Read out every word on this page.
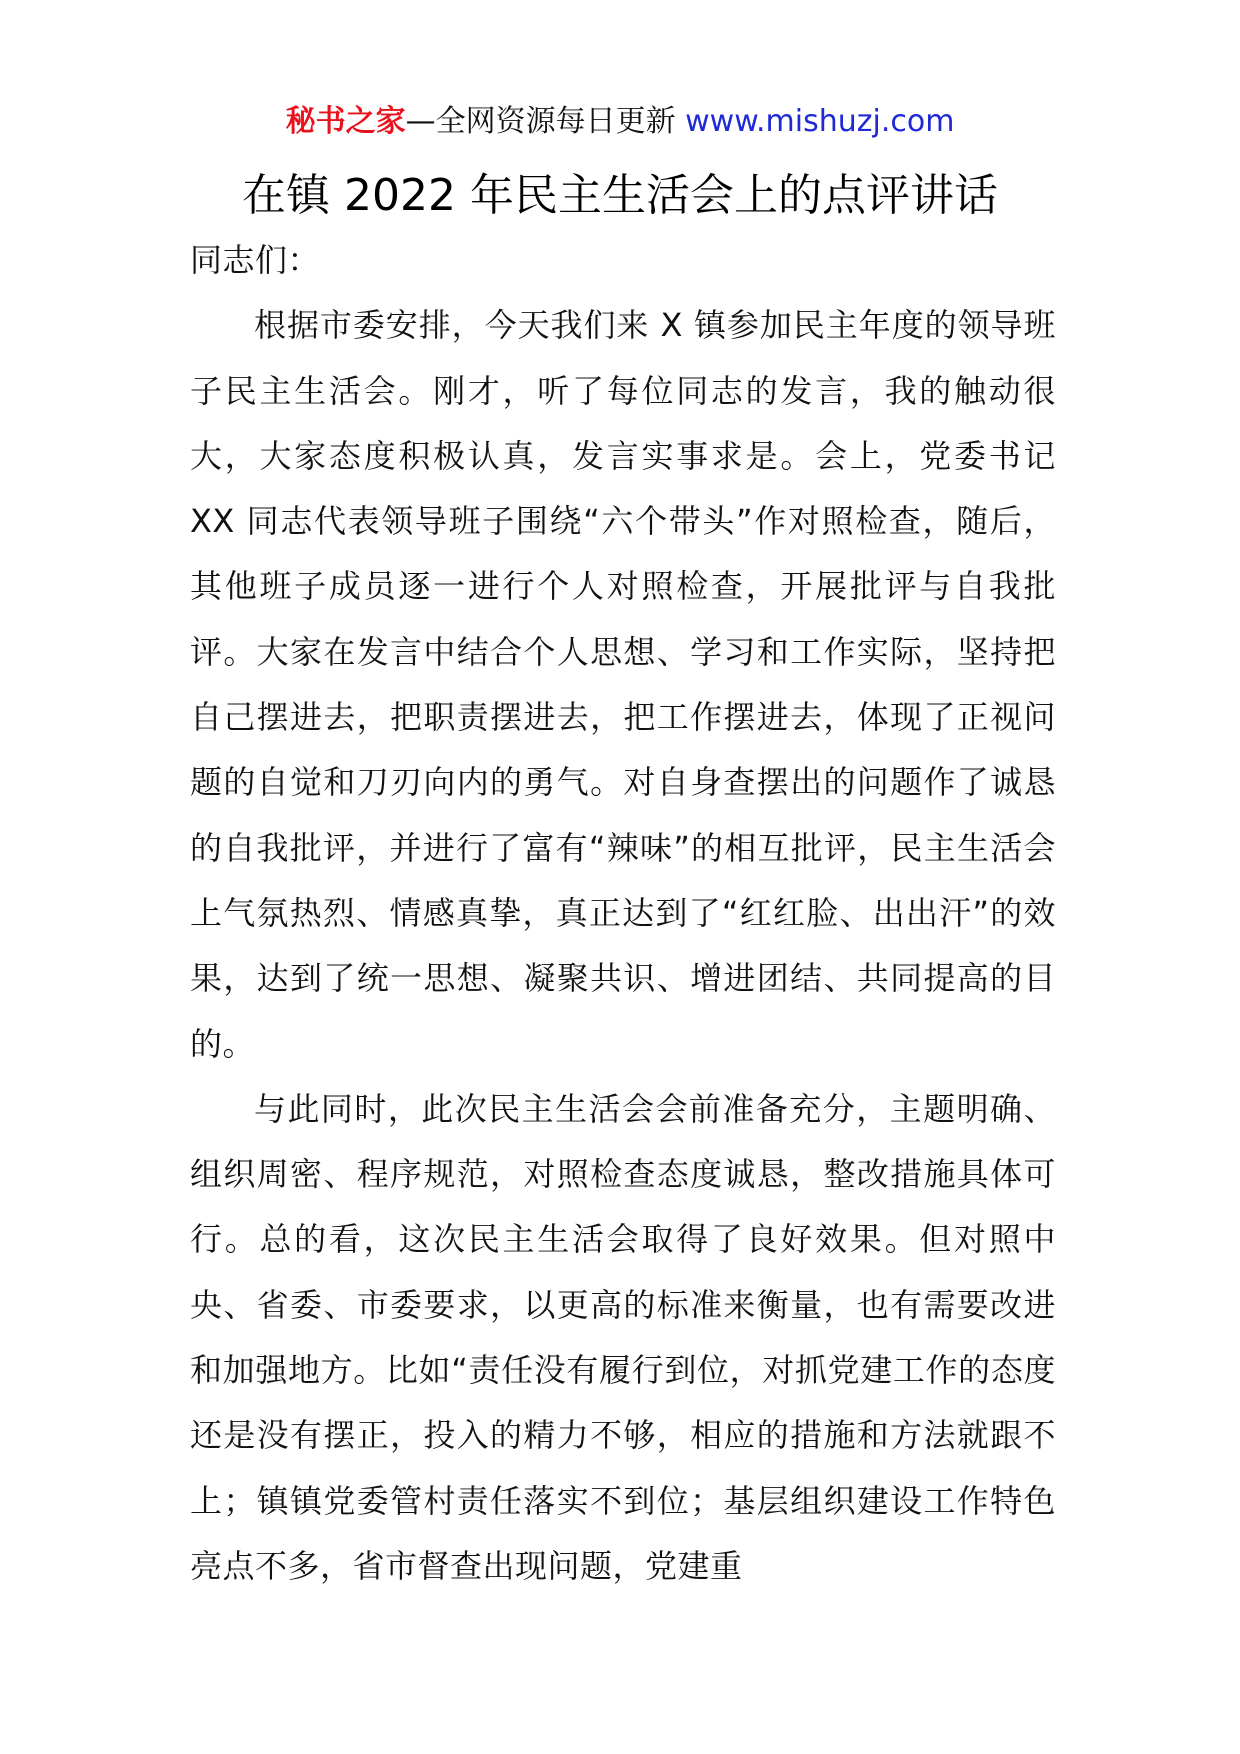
秘书之家—全网资源每日更新 www.mishuzj.com
在镇 2022 年民主生活会上的点评讲话

同志们：

根据市委安排，今天我们来 X 镇参加民主年度的领导班子民主生活会。刚才，听了每位同志的发言，我的触动很大，大家态度积极认真，发言实事求是。会上，党委书记 XX 同志代表领导班子围绕“六个带头”作对照检查，随后，其他班子成员逐一进行个人对照检查，开展批评与自我批评。大家在发言中结合个人思想、学习和工作实际，坚持把自己摆进去，把职责摆进去，把工作摆进去，体现了正视问题的自觉和刀刃向内的勇气。对自身查摆出的问题作了诚恳的自我批评，并进行了富有“辣味”的相互批评，民主生活会上气氛热烈、情感真挚，真正达到了“红红脸、出出汗”的效果，达到了统一思想、凝聚共识、增进团结、共同提高的目的。

与此同时，此次民主生活会会前准备充分，主题明确、组织周密、程序规范，对照检查态度诚恳，整改措施具体可行。总的看，这次民主生活会取得了良好效果。但对照中央、省委、市委要求，以更高的标准来衡量，也有需要改进和加强地方。比如“责任没有履行到位，对抓党建工作的态度还是没有摆正，投入的精力不够，相应的措施和方法就跟不上；镇镇党委管村责任落实不到位；基层组织建设工作特色亮点不多，省市督查出现问题，党建重
